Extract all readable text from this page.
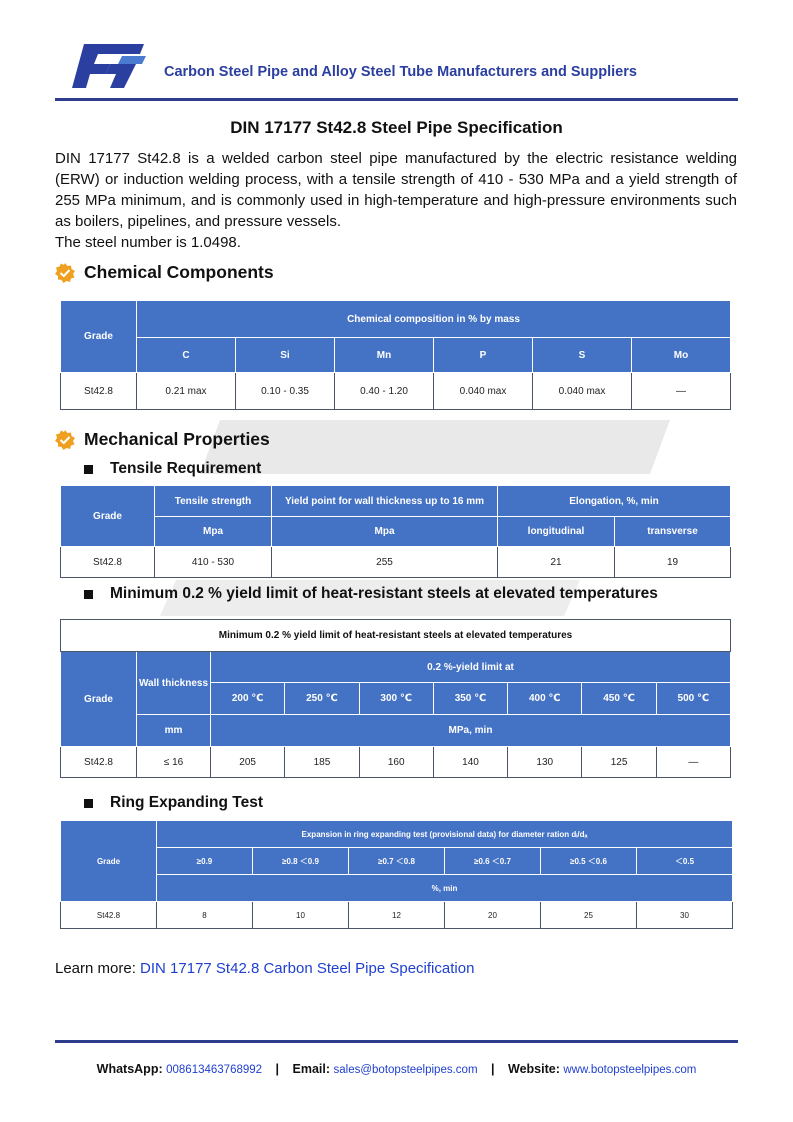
Carbon Steel Pipe and Alloy Steel Tube Manufacturers and Suppliers
DIN 17177 St42.8 Steel Pipe Specification

DIN 17177 St42.8 is a welded carbon steel pipe manufactured by the electric resistance welding (ERW) or induction welding process, with a tensile strength of 410 - 530 MPa and a yield strength of 255 MPa minimum, and is commonly used in high-temperature and high-pressure environments such as boilers, pipelines, and pressure vessels.

The steel number is 1.0498.

Chemical Components
Grade	Chemical composition in % by mass					
	C	Si	Mn	P	S	Mo
St42.8	0.21 max	0.10 - 0.35	0.40 - 1.20	0.040 max	0.040 max	—
Mechanical Properties
Tensile Requirement
Grade	Tensile strength	Yield point for wall thickness up to 16 mm	Elongation, %, min	
	Mpa	Mpa	longitudinal	transverse
St42.8	410 - 530	255	21	19
Minimum 0.2 % yield limit of heat-resistant steels at elevated temperatures
Minimum 0.2 % yield limit of heat-resistant steels at elevated temperatures								
Grade	Wall thickness	0.2 %-yield limit at						
		200 ℃	250 ℃	300 ℃	350 ℃	400 ℃	450 ℃	500 ℃
	mm	MPa, min						
St42.8	≤ 16	205	185	160	140	130	125	—
Ring Expanding Test
Grade	Expansion in ring expanding test (provisional data) for diameter ration dᵢ/dₐ					
	≥0.9	≥0.8 ＜0.9	≥0.7 ＜0.8	≥0.6 ＜0.7	≥0.5 ＜0.6	＜0.5
	%, min					
St42.8	8	10	12	20	25	30
Learn more: DIN 17177 St42.8 Carbon Steel Pipe Specification
WhatsApp: 008613463768992 | Email: sales@botopsteelpipes.com | Website: www.botopsteelpipes.com
